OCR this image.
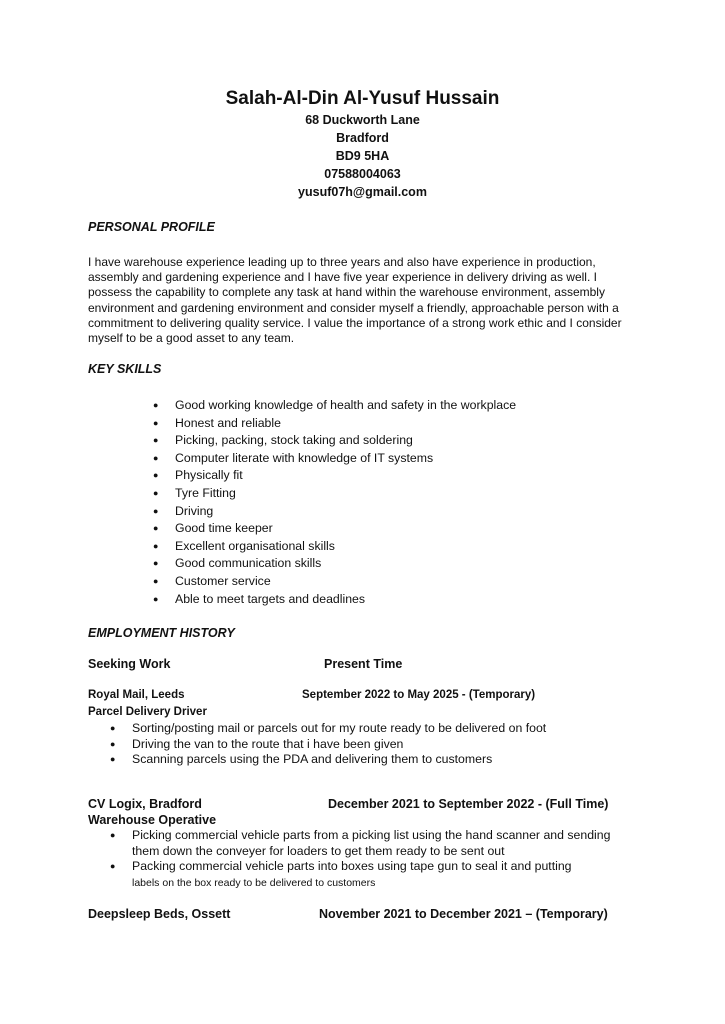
Salah-Al-Din Al-Yusuf Hussain

68 Duckworth Lane

Bradford

BD9 5HA

07588004063

yusuf07h@gmail.com

PERSONAL PROFILE

I have warehouse experience leading up to three years and also have experience in production, assembly and gardening experience and I have five year experience in delivery driving as well. I possess the capability to complete any task at hand within the warehouse environment, assembly environment and gardening environment and consider myself a friendly, approachable person with a commitment to delivering quality service. I value the importance of a strong work ethic and I consider myself to be a good asset to any team.

KEY SKILLS

● Good working knowledge of health and safety in the workplace
● Honest and reliable
● Picking, packing, stock taking and soldering
● Computer literate with knowledge of IT systems
● Physically fit
● Tyre Fitting
● Driving
● Good time keeper
● Excellent organisational skills
● Good communication skills
● Customer service
● Able to meet targets and deadlines

EMPLOYMENT HISTORY

Seeking Work	Present Time
Royal Mail, Leeds	September 2022 to May 2025 - (Temporary)

Parcel Delivery Driver

● Sorting/posting mail or parcels out for my route ready to be delivered on foot
● Driving the van to the route that i have been given
● Scanning parcels using the PDA and delivering them to customers
CV Logix, Bradford	December 2021 to September 2022 - (Full Time)

Warehouse Operative

● Picking commercial vehicle parts from a picking list using the hand scanner and sending them down the conveyer for loaders to get them ready to be sent out
● Packing commercial vehicle parts into boxes using tape gun to seal it and putting
labels on the box ready to be delivered to customers
Deepsleep Beds, Ossett	November 2021 to December 2021 – (Temporary)
